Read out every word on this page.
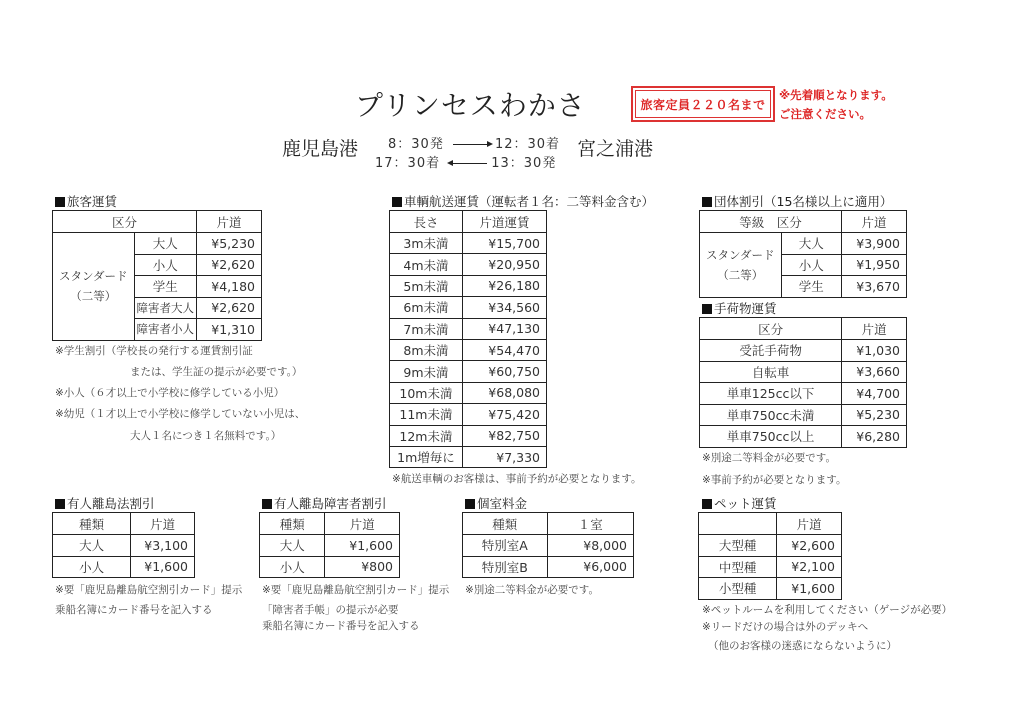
プリンセスわかさ	旅客定員２２０名まで
※先着順となります。
ご注意ください。
鹿児島港 8：30発	12：30着
17：30着	13：30発
宮之浦港
旅客運賃
区分		片道

スタンダード
（二等）	大人	¥5,230
	小人	¥2,620
	学生	¥4,180
	障害者大人	¥2,620
	障害者小人	¥1,310
※学生割引（学校長の発行する運賃割引証
または、学生証の提示が必要です。）
※小人（６才以上で小学校に修学している小児）
※幼児（１才以上で小学校に修学していない小児は、
大人１名につき１名無料です。）
車輌航送運賃（運転者１名：二等料金含む）
長さ	片道運賃
3m未満	¥15,700
4m未満	¥20,950
5m未満	¥26,180
6m未満	¥34,560
7m未満	¥47,130
8m未満	¥54,470
9m未満	¥60,750
10m未満	¥68,080
11m未満	¥75,420
12m未満	¥82,750
1m増毎に	¥7,330
※航送車輌のお客様は、事前予約が必要となります。
団体割引（15名様以上に適用）
等級　区分		片道

スタンダード
（二等）	大人	¥3,900
	小人	¥1,950
	学生	¥3,670
手荷物運賃
区分	片道
受託手荷物	¥1,030
自転車	¥3,660
単車125cc以下	¥4,700
単車750cc未満	¥5,230
単車750cc以上	¥6,280
※別途二等料金が必要です。
※事前予約が必要となります。
有人離島法割引
種類	片道
大人	¥3,100
小人	¥1,600
※要「鹿児島離島航空割引カード」提示
乗船名簿にカード番号を記入する
有人離島障害者割引
種類	片道
大人	¥1,600
小人	¥800
※要「鹿児島離島航空割引カード」提示
「障害者手帳」の提示が必要
乗船名簿にカード番号を記入する
個室料金
種類	１室
特別室A	¥8,000
特別室B	¥6,000
※別途二等料金が必要です。
ペット運賃
	片道
大型種	¥2,600
中型種	¥2,100
小型種	¥1,600
※ペットルームを利用してください（ゲージが必要）
※リードだけの場合は外のデッキへ
（他のお客様の迷惑にならないように）
